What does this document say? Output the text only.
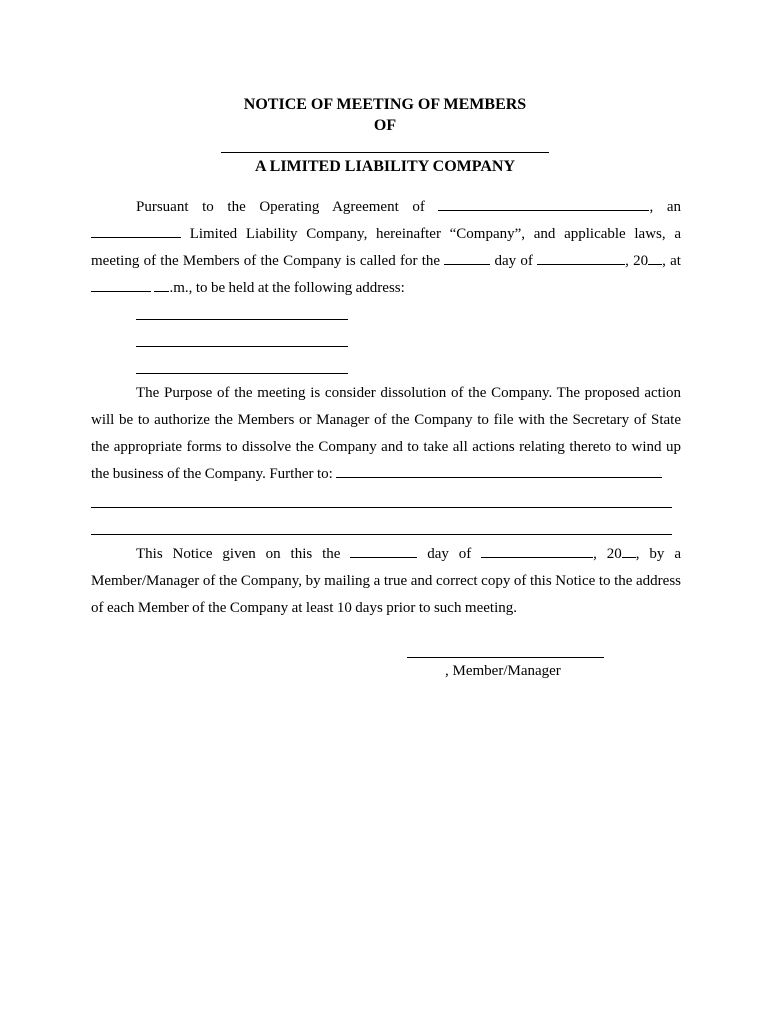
NOTICE OF MEETING OF MEMBERS
OF
A LIMITED LIABILITY COMPANY
Pursuant to the Operating Agreement of	, an  Limited Liability Company, hereinafter “Company”, and applicable laws, a meeting of the Members of the Company is called for the	day of	, 20 , at  .m., to be held at the following address:
The Purpose of the meeting is consider dissolution of the Company. The proposed action will be to authorize the Members or Manager of the Company to file with the Secretary of State the appropriate forms to dissolve the Company and to take all actions relating thereto to wind up the business of the Company. Further to:
This Notice given on this the	day of	, 20 , by a Member/Manager of the Company, by mailing a true and correct copy of this Notice to the address of each Member of the Company at least 10 days prior to such meeting.
, Member/Manager
